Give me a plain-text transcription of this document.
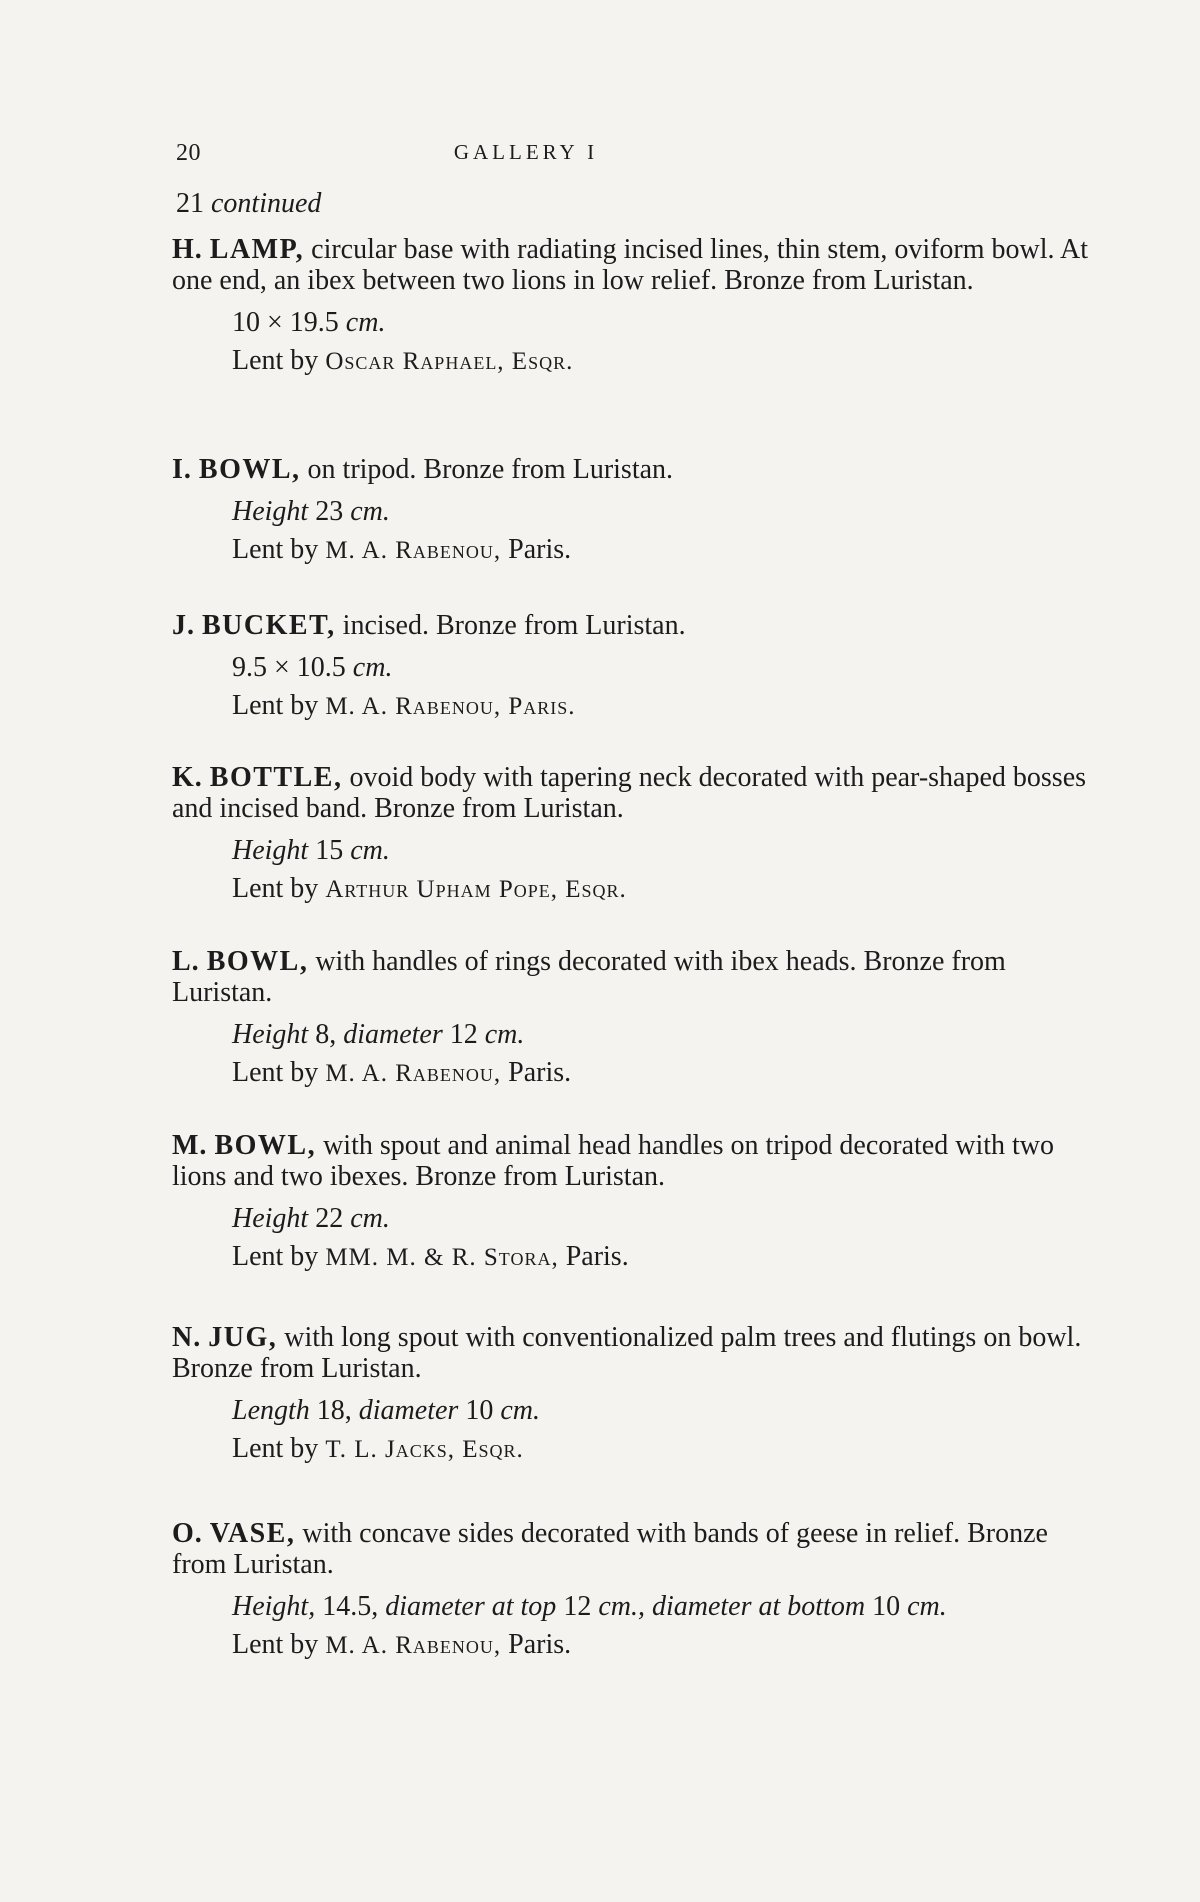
20	GALLERY I
21 continued
H. LAMP, circular base with radiating incised lines, thin stem, oviform bowl. At one end, an ibex between two lions in low relief. Bronze from Luristan.
10 × 19.5 cm.
Lent by Oscar Raphael, Esqr.
I. BOWL, on tripod. Bronze from Luristan.
Height 23 cm.
Lent by M. A. Rabenou, Paris.
J. BUCKET, incised. Bronze from Luristan.
9.5 × 10.5 cm.
Lent by M. A. Rabenou, Paris.
K. BOTTLE, ovoid body with tapering neck decorated with pear-shaped bosses and incised band. Bronze from Luristan.
Height 15 cm.
Lent by Arthur Upham Pope, Esqr.
L. BOWL, with handles of rings decorated with ibex heads. Bronze from Luristan.
Height 8, diameter 12 cm.
Lent by M. A. Rabenou, Paris.
M. BOWL, with spout and animal head handles on tripod decorated with two lions and two ibexes. Bronze from Luristan.
Height 22 cm.
Lent by MM. M. & R. Stora, Paris.
N. JUG, with long spout with conventionalized palm trees and flutings on bowl. Bronze from Luristan.
Length 18, diameter 10 cm.
Lent by T. L. Jacks, Esqr.
O. VASE, with concave sides decorated with bands of geese in relief. Bronze from Luristan.
Height, 14.5, diameter at top 12 cm., diameter at bottom 10 cm.
Lent by M. A. Rabenou, Paris.
